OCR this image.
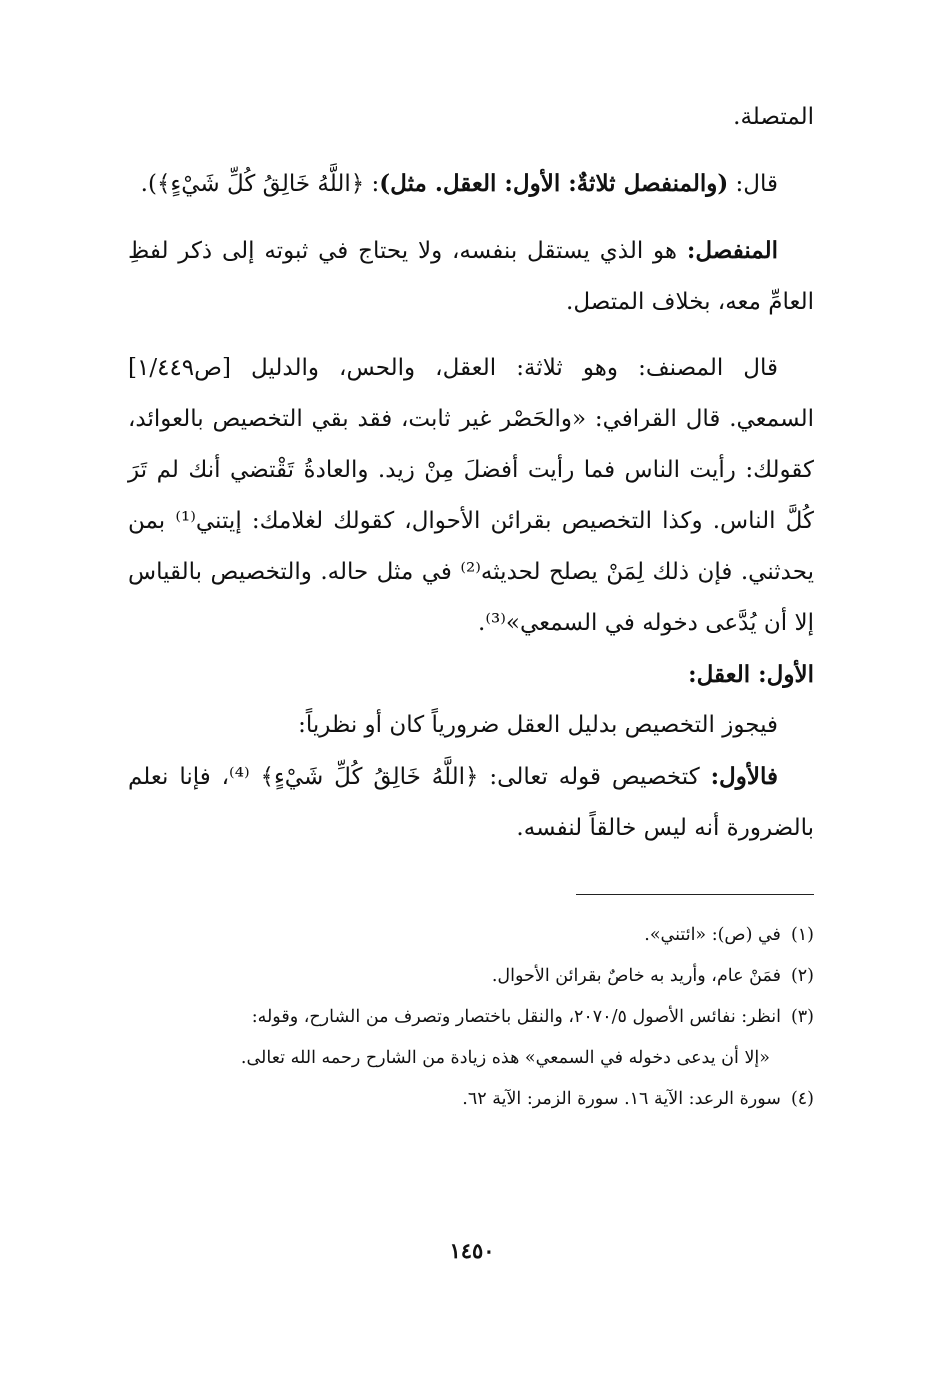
المتصلة.

قال: (والمنفصل ثلاثةٌ: الأول: العقل. مثل): ﴿اللَّهُ خَالِقُ كُلِّ شَيْءٍ﴾).

المنفصل: هو الذي يستقل بنفسه، ولا يحتاج في ثبوته إلى ذكر لفظِ العامِّ معه، بخلاف المتصل.

قال المصنف: وهو ثلاثة: العقل، والحس، والدليل [ص١/٤٤٩] السمعي. قال القرافي: «والحَصْر غير ثابت، فقد بقي التخصيص بالعوائد، كقولك: رأيت الناس فما رأيت أفضلَ مِنْ زيد. والعادةُ تَقْتضي أنك لم تَرَ كُلَّ الناس. وكذا التخصيص بقرائن الأحوال، كقولك لغلامك: إيتني⁽¹⁾ بمن يحدثني. فإن ذلك لِمَنْ يصلح لحديثه⁽²⁾ في مثل حاله. والتخصيص بالقياس إلا أن يُدَّعى دخوله في السمعي»⁽³⁾.

الأول: العقل:

فيجوز التخصيص بدليل العقل ضرورياً كان أو نظرياً:

فالأول: كتخصيص قوله تعالى: ﴿اللَّهُ خَالِقُ كُلِّ شَيْءٍ﴾ ⁽⁴⁾، فإنا نعلم بالضرورة أنه ليس خالقاً لنفسه.

(١)في (ص): «ائتني».

(٢)فمَنْ عام، وأريد به خاصٌ بقرائن الأحوال.

(٣)انظر: نفائس الأصول ٢٠٧٠/٥، والنقل باختصار وتصرف من الشارح، وقوله:

«إلا أن يدعى دخوله في السمعي» هذه زيادة من الشارح رحمه الله تعالى.

(٤)سورة الرعد: الآية ١٦. سورة الزمر: الآية ٦٢.

١٤٥٠
